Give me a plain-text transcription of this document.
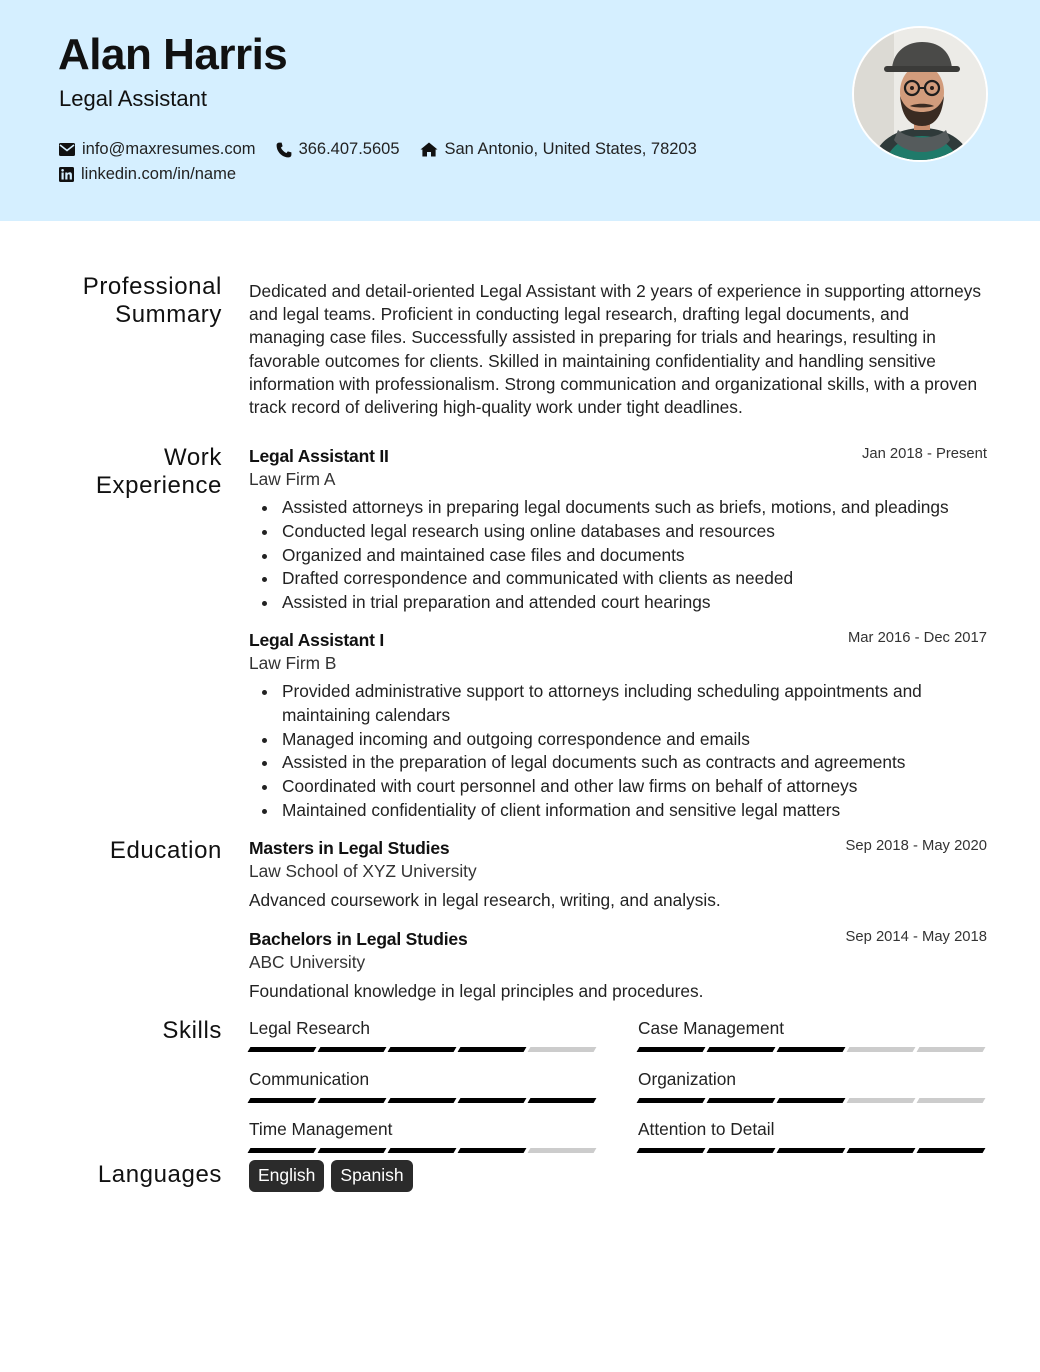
Alan Harris
Legal Assistant
info@maxresumes.com	366.407.5605	San Antonio, United States, 78203
linkedin.com/in/name
Professional
Summary
Dedicated and detail-oriented Legal Assistant with 2 years of experience in supporting attorneys and legal teams. Proficient in conducting legal research, drafting legal documents, and managing case files. Successfully assisted in preparing for trials and hearings, resulting in favorable outcomes for clients. Skilled in maintaining confidentiality and handling sensitive information with professionalism. Strong communication and organizational skills, with a proven track record of delivering high-quality work under tight deadlines.
Work
Experience
Legal Assistant II	Jan 2018 - Present
Law Firm A
Assisted attorneys in preparing legal documents such as briefs, motions, and pleadings
Conducted legal research using online databases and resources
Organized and maintained case files and documents
Drafted correspondence and communicated with clients as needed
Assisted in trial preparation and attended court hearings
Legal Assistant I	Mar 2016 - Dec 2017
Law Firm B
Provided administrative support to attorneys including scheduling appointments and maintaining calendars
Managed incoming and outgoing correspondence and emails
Assisted in the preparation of legal documents such as contracts and agreements
Coordinated with court personnel and other law firms on behalf of attorneys
Maintained confidentiality of client information and sensitive legal matters
Education Masters in Legal Studies	Sep 2018 - May 2020
Law School of XYZ University
Advanced coursework in legal research, writing, and analysis.
Bachelors in Legal Studies	Sep 2014 - May 2018
ABC University
Foundational knowledge in legal principles and procedures.
Skills Legal Research	Case Management
Communication	Organization
Time Management	Attention to Detail
Languages	English	Spanish
